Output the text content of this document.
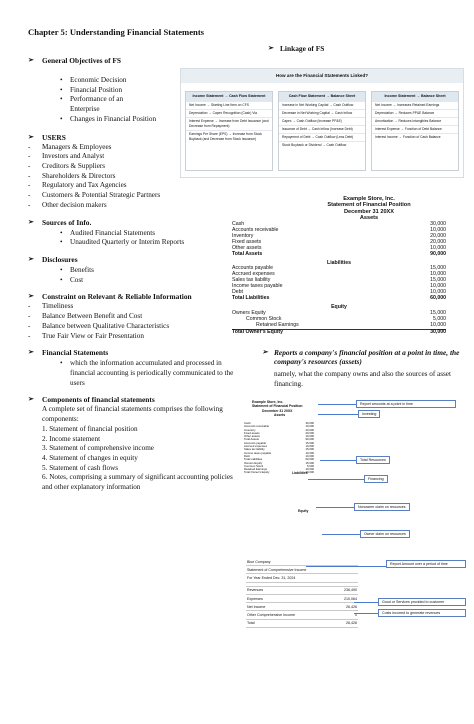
Chapter 5: Understanding Financial Statements
➢ General Objectives of FS
• Economic Decision
• Financial Position
• Performance of an Enterprise
• Changes in Financial Position
➢ USERS
- Managers & Employees
- Investors and Analyst
- Creditors & Suppliers
- Shareholders & Directors
- Regulatory and Tax Agencies
- Customers & Potential Strategic Partners
- Other decision makers
➢ Sources of Info.
• Audited Financial Statements
• Unaudited Quarterly or Interim Reports
➢ Disclosures
• Benefits
• Cost
➢ Constraint on Relevant & Reliable Information
- Timeliness
- Balance Between Benefit and Cost
- Balance between Qualitative Characteristics
- True Fair View or Fair Presentation
➢ Financial Statements
• which the information accumulated and processed in financial accounting is periodically communicated to the users
➢ Components of financial statements
A complete set of financial statements comprises the following components:
1. Statement of financial position
2. Income statement
3. Statement of comprehensive income
4. Statement of changes in equity
5. Statement of cash flows
6. Notes, comprising a summary of significant accounting policies and other explanatory information
➢ Linkage of FS
How are the Financial Statements Linked?
Income Statement → Cash Flow Statement
Net Income → Starting Line Item on CFS
Depreciation → Capex Recognition (Cash) Via
Interest Expense → Increase from Debt Issuance (and Decrease from Repayment)
Earnings Per Share (EPS) → Increase from Stock Buyback (and Decrease from Stock Issuance)
Cash Flow Statement → Balance Sheet
Increase in Net Working Capital → Cash Outflow
Decrease in Net Working Capital → Cash Inflow
Capex → Cash Outflow (Increase PP&E)
Issuance of Debt → Cash Inflow (Increase Debt)
Repayment of Debt → Cash Outflow (Less Debt)
Stock Buyback or Dividend → Cash Outflow
Income Statement → Balance Sheet
Net Income → Increases Retained Earnings
Depreciation → Reduces PP&E Balance
Amortization → Reduces Intangibles Balance
Interest Expense → Function of Debt Balance
Interest Income → Function of Cash Balance
Example Store, Inc.
Statement of Financial Position
December 31 20XX
Assets
Cash	30,000
Accounts receivable	10,000
Inventory	20,000
Fixed assets	20,000
Other assets	10,000
Total Assets	90,000
Liabilities	
Accounts payable	15,000
Accrued expenses	10,000
Sales tax liability	15,000
Income taxes payable	10,000
Debt	10,000
Total Liabilities	60,000
Equity	
Owners Equity	15,000
Common Stock	5,000
Retained Earnings	10,000
Total Owner's Equity	30,000
➢ Reports a company's financial position at a point in time, the company's resources (assets)
namely, what the company owns and also the sources of asset financing.
Example Store, Inc.
Statement of Financial Position
December 31 20XX
Assets
Cash	30,000
Accounts receivable	10,000
Inventory	20,000
Fixed assets	20,000
Other assets	10,000
Total Assets	90,000
Accounts payable	15,000
Accrued expenses	10,000
Sales tax liability	15,000
Income taxes payable	10,000
Debt	10,000
Total Liabilities	60,000
Owners Equity	15,000
Common Stock	5,000
Retained Earnings	10,000
Total Owner's Equity	30,000
Liabilities
Equity
Report amounts at a point in time
Investing
Total Resources
Financing
Nonowner claim on resources
Owner claim on resources
Blue Company	
Statement of Comprehensive Income	
For Year Ended Dec. 31, 2024	

Revenues	236,490
Expenses	210,064
Net Income	26,426
Other Comprehensive Income	0
Total	26,426
Report Amount over a period of time
Good or Services provided to customer
Costs incurred to generate revenues
